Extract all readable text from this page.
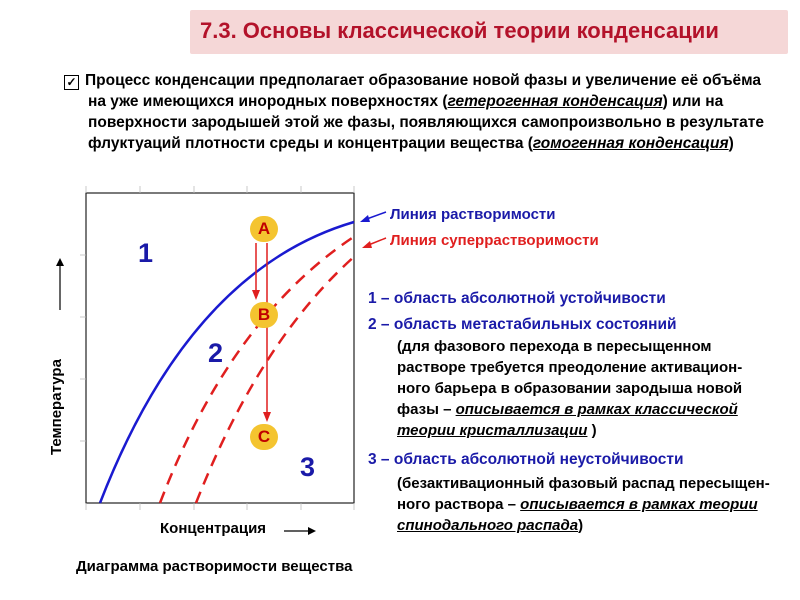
7.3. Основы классической теории конденсации
✓ Процесс конденсации предполагает образование новой фазы и увеличение её объёма
на уже имеющихся инородных поверхностях (гетерогенная конденсация) или на
поверхности зародышей этой же фазы, появляющихся самопроизвольно в результате
флуктуаций плотности среды и концентрации вещества (гомогенная конденсация)
Линия растворимости
Линия суперрастворимости
1
2
3
A
B
C
Температура
Концентрация
Диаграмма растворимости вещества
1 – область абсолютной устойчивости
2 – область метастабильных состояний
(для фазового перехода в пересыщенном
растворе требуется преодоление активацион-
ного барьера в образовании зародыша новой
фазы – описывается в рамках классической
теории кристаллизации )
3 – область абсолютной неустойчивости
(безактивационный фазовый распад пересыщен-
ного раствора – описывается в рамках теории
спинодального распада)
